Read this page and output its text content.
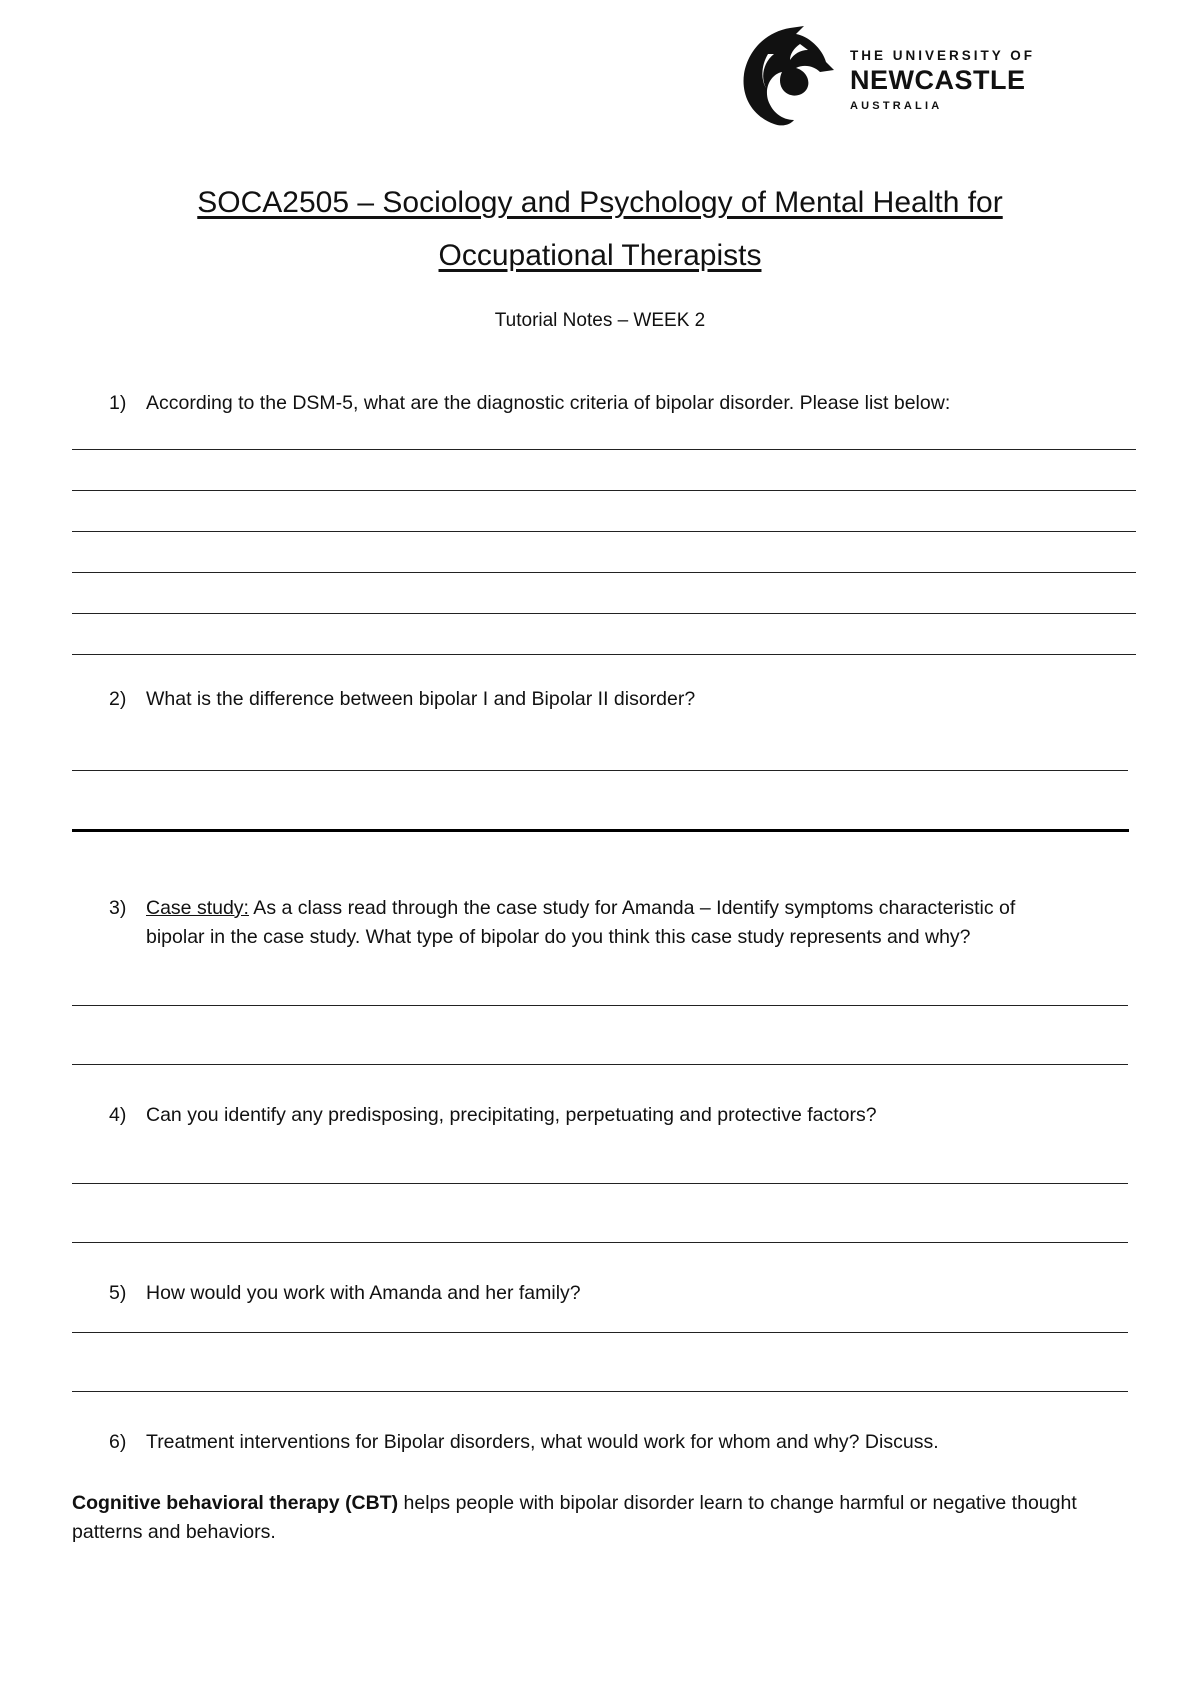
THE UNIVERSITY OF
NEWCASTLE
AUSTRALIA
SOCA2505 – Sociology and Psychology of Mental Health for
Occupational Therapists
Tutorial Notes – WEEK 2
1) According to the DSM-5, what are the diagnostic criteria of bipolar disorder. Please list below:
2) What is the difference between bipolar I and Bipolar II disorder?
3) Case study: As a class read through the case study for Amanda – Identify symptoms characteristic of
bipolar in the case study. What type of bipolar do you think this case study represents and why?
4) Can you identify any predisposing, precipitating, perpetuating and protective factors?
5) How would you work with Amanda and her family?
6) Treatment interventions for Bipolar disorders, what would work for whom and why? Discuss.
Cognitive behavioral therapy (CBT) helps people with bipolar disorder learn to change harmful or negative thought patterns and behaviors.
